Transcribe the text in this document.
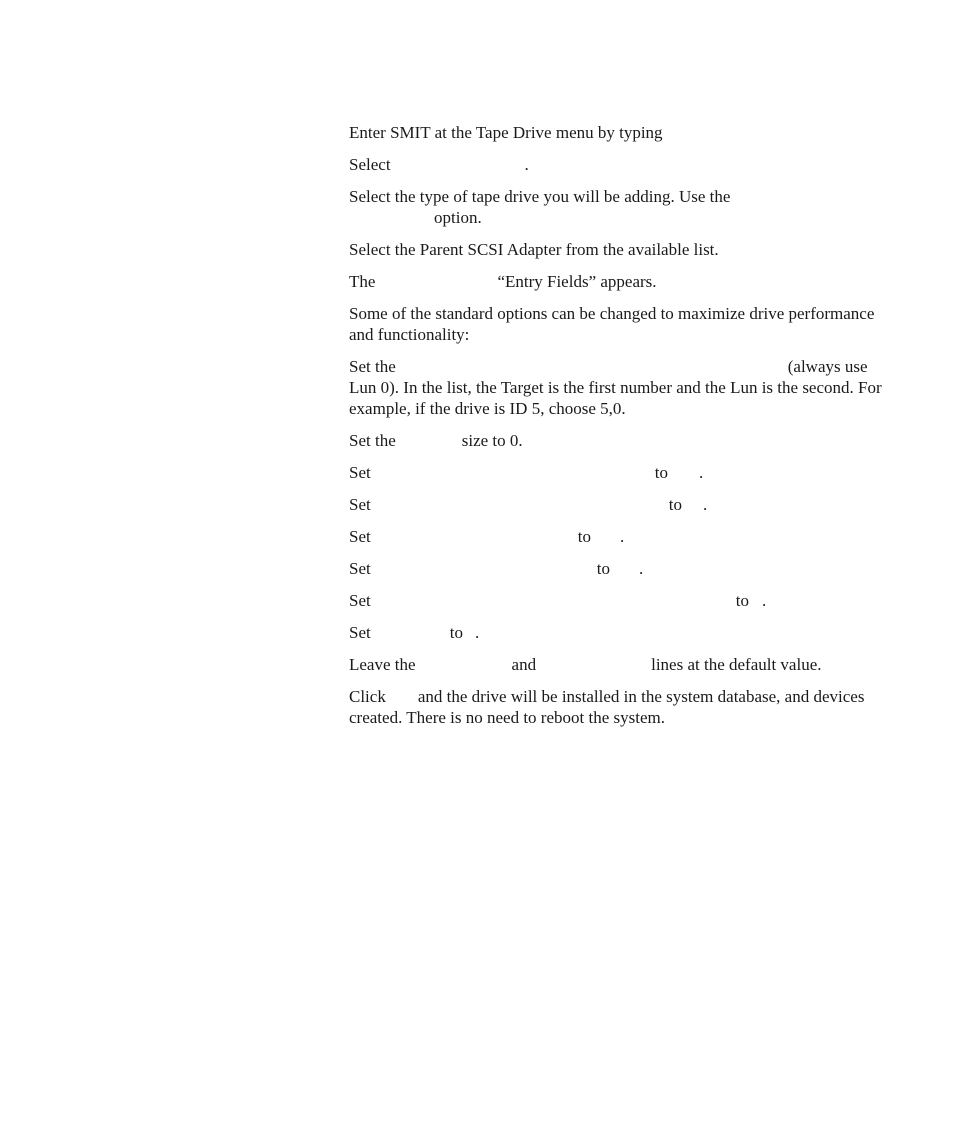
Enter SMIT at the Tape Drive menu by typing

Select	.

Select the type of tape drive you will be adding. Use the
option.

Select the Parent SCSI Adapter from the available list.

The	“Entry Fields” appears.

Some of the standard options can be changed to maximize drive performance and functionality:

Set the	(always use Lun 0). In the list, the Target is the first number and the Lun is the second. For example, if the drive is ID 5, choose 5,0.

Set the	size to 0.

Set	to .

Set	to .

Set	to .

Set	to .

Set	to .

Set	to .

Leave the	and	lines at the default value.

Click and the drive will be installed in the system database, and devices created. There is no need to reboot the system.
